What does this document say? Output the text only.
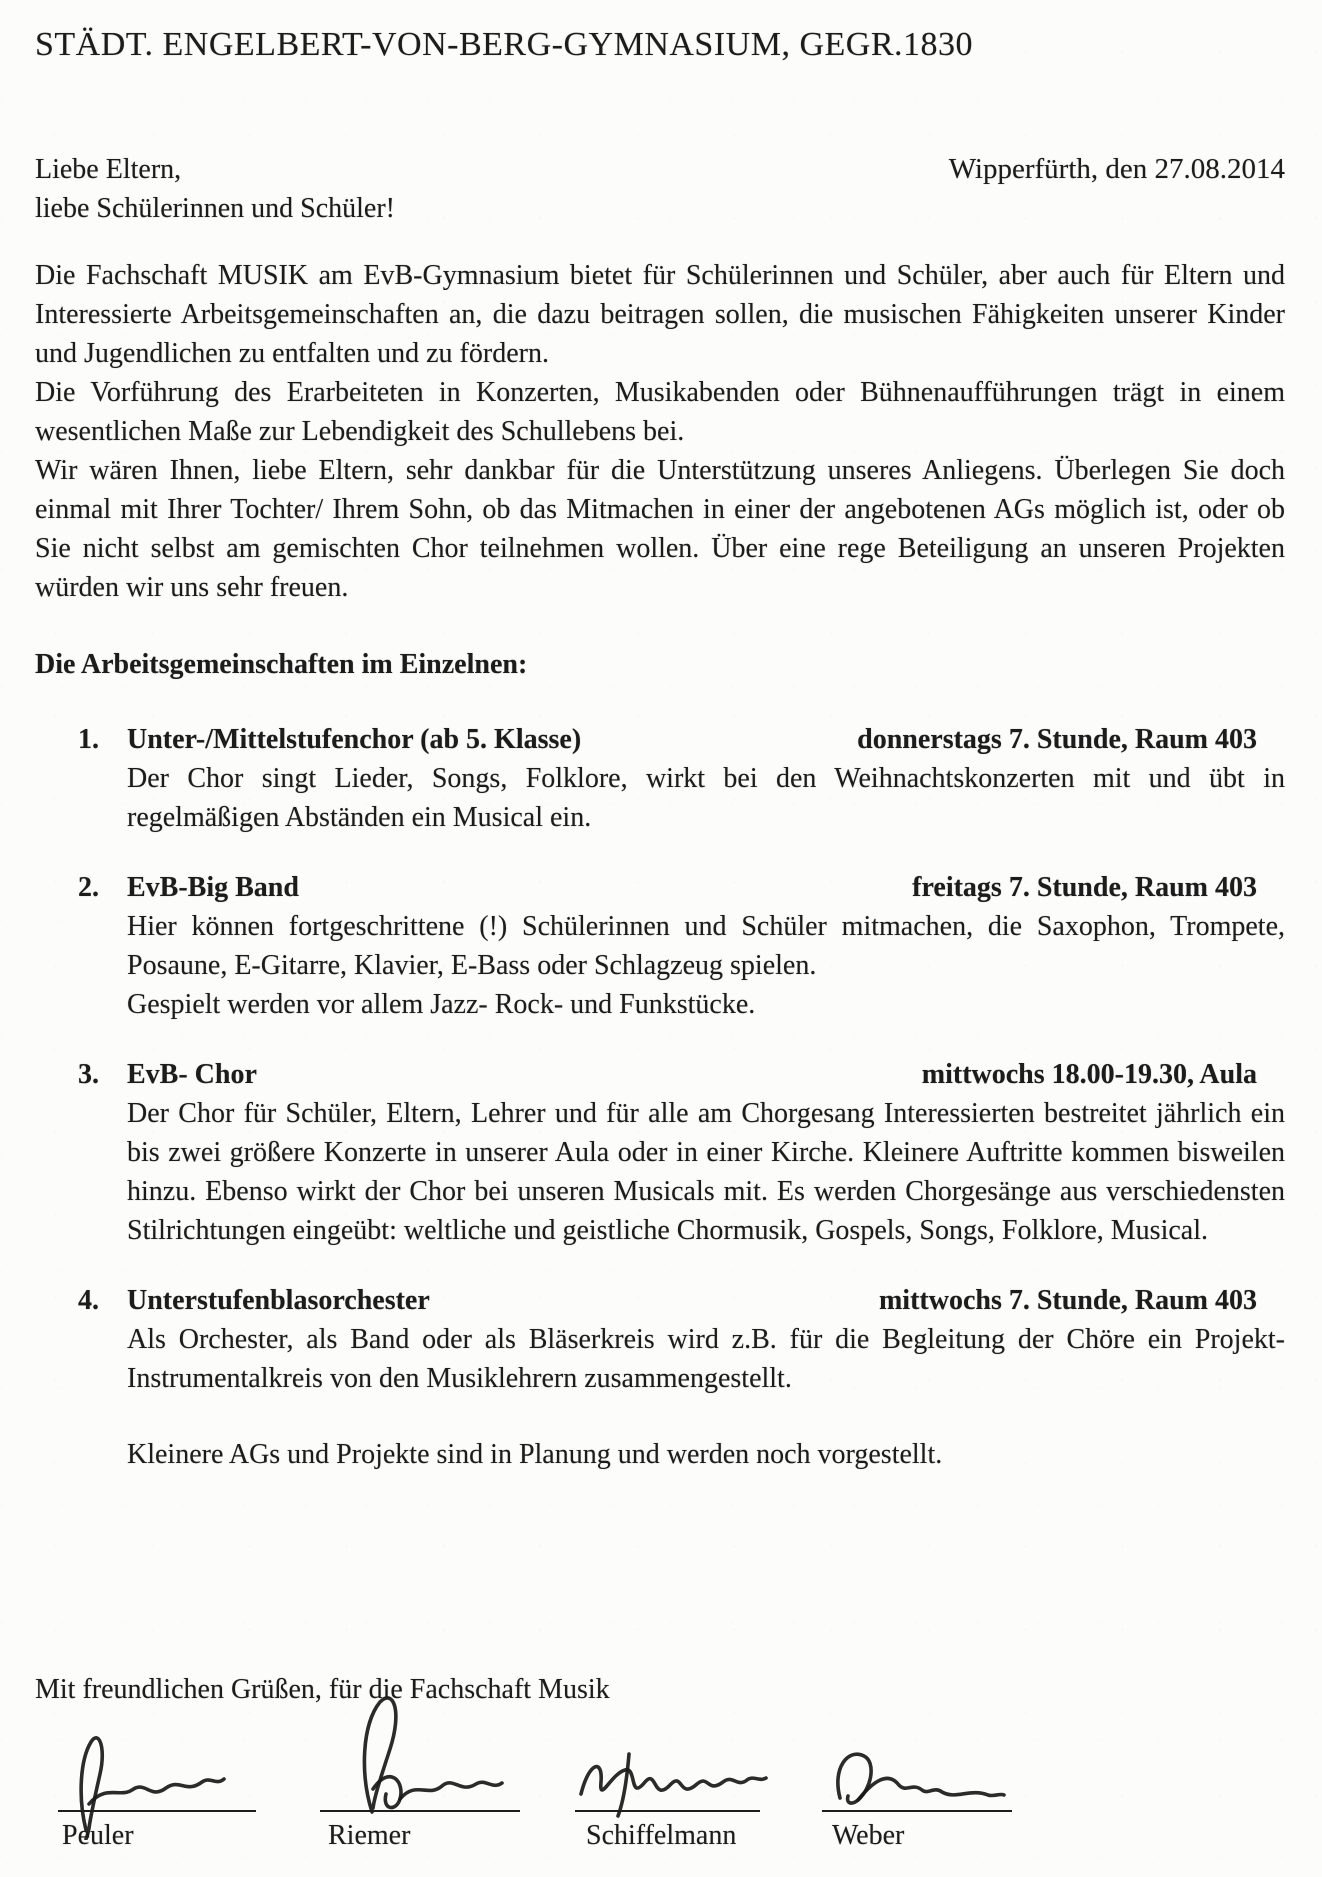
STÄDT. ENGELBERT-VON-BERG-GYMNASIUM, GEGR.1830
Liebe Eltern,	Wipperfürth, den 27.08.2014
liebe Schülerinnen und Schüler!
Die Fachschaft MUSIK am EvB-Gymnasium bietet für Schülerinnen und Schüler, aber auch für Eltern und Interessierte Arbeitsgemeinschaften an, die dazu beitragen sollen, die musischen Fähigkeiten unserer Kinder und Jugendlichen zu entfalten und zu fördern.
Die Vorführung des Erarbeiteten in Konzerten, Musikabenden oder Bühnenaufführungen trägt in einem wesentlichen Maße zur Lebendigkeit des Schullebens bei.
Wir wären Ihnen, liebe Eltern, sehr dankbar für die Unterstützung unseres Anliegens. Überlegen Sie doch einmal mit Ihrer Tochter/ Ihrem Sohn, ob das Mitmachen in einer der angebotenen AGs möglich ist, oder ob Sie nicht selbst am gemischten Chor teilnehmen wollen. Über eine rege Beteiligung an unseren Projekten würden wir uns sehr freuen.
Die Arbeitsgemeinschaften im Einzelnen:
1.	Unter-/Mittelstufenchor (ab 5. Klasse)	donnerstags 7. Stunde, Raum 403
Der Chor singt Lieder, Songs, Folklore, wirkt bei den Weihnachtskonzerten mit und übt in regelmäßigen Abständen ein Musical ein.
2.	EvB-Big Band	freitags 7. Stunde, Raum 403
Hier können fortgeschrittene (!) Schülerinnen und Schüler mitmachen, die Saxophon, Trompete, Posaune, E-Gitarre, Klavier, E-Bass oder Schlagzeug spielen.
Gespielt werden vor allem Jazz- Rock- und Funkstücke.
3.	EvB- Chor	mittwochs 18.00-19.30, Aula
Der Chor für Schüler, Eltern, Lehrer und für alle am Chorgesang Interessierten bestreitet jährlich ein bis zwei größere Konzerte in unserer Aula oder in einer Kirche. Kleinere Auftritte kommen bisweilen hinzu. Ebenso wirkt der Chor bei unseren Musicals mit. Es werden Chorgesänge aus verschiedensten Stilrichtungen eingeübt: weltliche und geistliche Chormusik, Gospels, Songs, Folklore, Musical.
4.	Unterstufenblasorchester	mittwochs 7. Stunde, Raum 403
Als Orchester, als Band oder als Bläserkreis wird z.B. für die Begleitung der Chöre ein Projekt- Instrumentalkreis von den Musiklehrern zusammengestellt.
Kleinere AGs und Projekte sind in Planung und werden noch vorgestellt.
Mit freundlichen Grüßen, für die Fachschaft Musik
Peuler	Riemer	Schiffelmann	Weber
